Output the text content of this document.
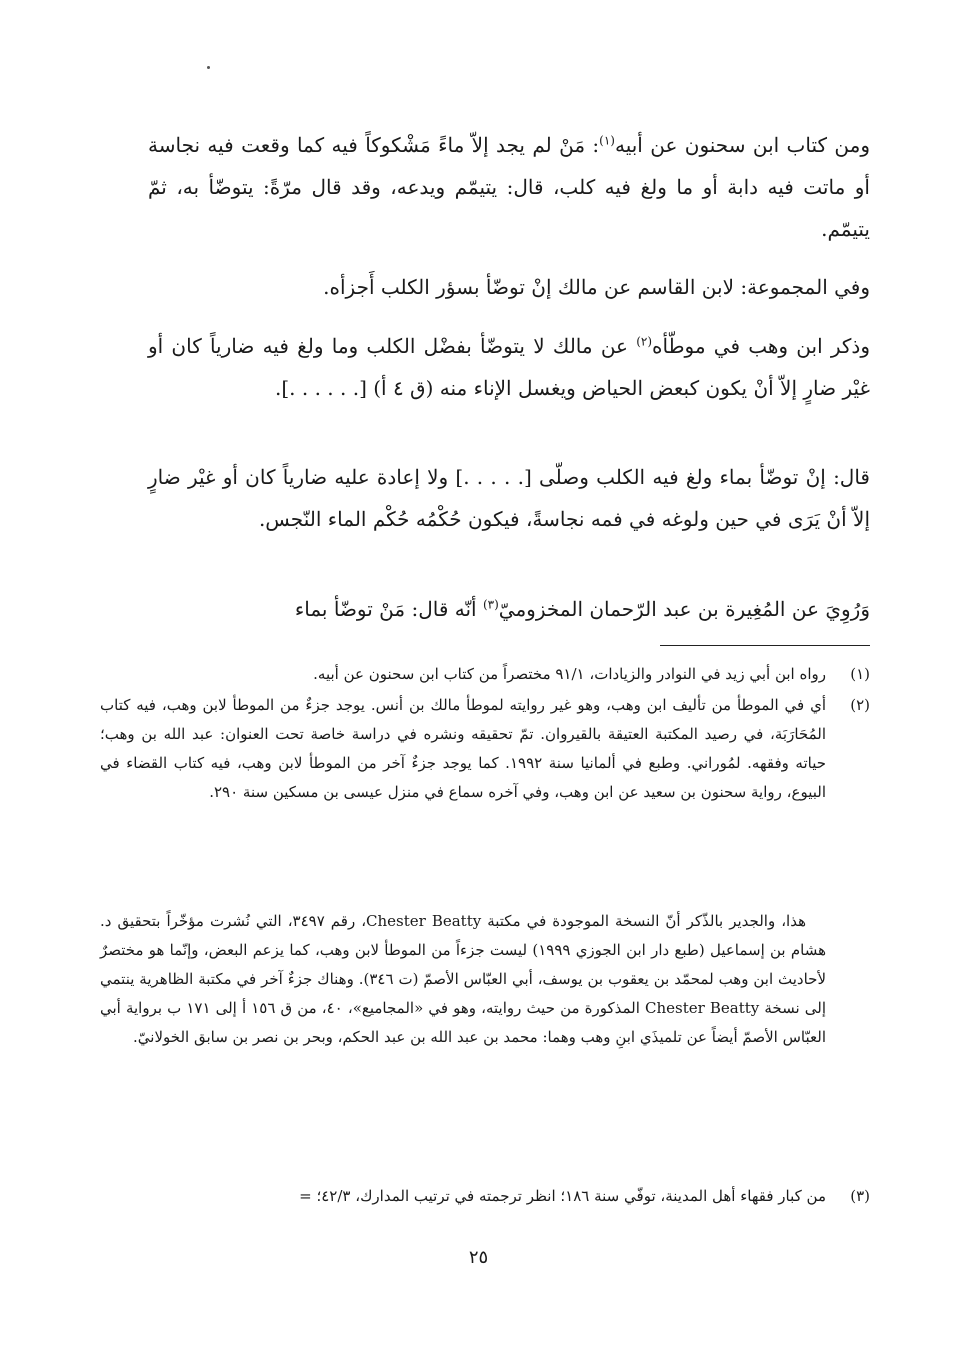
ومن كتاب ابن سحنون عن أبيه$^{(١)}$: مَنْ لم يجد إلاّ ماءً مَشْكوكاً فيه كما وقعت فيه نجاسة أو ماتت فيه دابة أو ما ولغ فيه كلب، قال: يتيمّم ويدعه، وقد قال مرّةً: يتوضّأ به، ثمّ يتيمّم.

وفي المجموعة: لابن القاسم عن مالك إنْ توضّأ بسؤر الكلب أَجزأه.

وذكر ابن وهب في موطّأه$^{(٢)}$ عن مالك لا يتوضّأ بفضْل الكلب وما ولغ فيه ضارياً كان أو غيْر ضارٍ إلاّ أنْ يكون كبعض الحياض ويغسل الإناء منه (ق ٤ أ) [. . . . . .].

قال: إنْ توضّأ بماء ولغ فيه الكلب وصلّى [. . . . .] ولا إعادة عليه ضارياً كان أو غيْر ضارٍ إلاّ أنْ يَرَى في حين ولوغه في فمه نجاسةً، فيكون حُكْمُه حُكْم الماء النّجس.

وَرُوِيَ عن المُغِيرة بن عبد الرّحمان المخزوميّ$^{(٣)}$ أنّه قال: مَنْ توضّأ بماء

(١)
رواه ابن أبي زيد في النوادر والزيادات، ٩١/١ مختصراً من كتاب ابن سحنون عن أبيه.
(٢)
أي في الموطأ من تأليف ابن وهب، وهو غير روايته لموطأ مالك بن أنس. يوجد جزءٌ من الموطأ لابن وهب، فيه كتاب المُحَارَبَة، في رصيد المكتبة العتيقة بالقيروان. تمّ تحقيقه ونشره في دراسة خاصة تحت العنوان: عبد الله بن وهب؛ حياته وفقهه. لمُوراني. وطبع في ألمانيا سنة ١٩٩٢. كما يوجد جزءٌ آخر من الموطأ لابن وهب، فيه كتاب القضاء في البيوع، رواية سحنون بن سعيد عن ابن وهب، وفي آخره سماع في منزل عيسى بن مسكين سنة ٢٩٠.
هذا، والجدير بالذّكر أنّ النسخة الموجودة في مكتبة Chester Beatty، رقم ٣٤٩٧، التي نُشرت مؤخّراً بتحقيق د. هشام بن إسماعيل (طبع دار ابن الجوزي ١٩٩٩) ليست جزءاً من الموطأ لابن وهب، كما يزعم البعض، وإنّما هو مختصرٌ لأحاديث ابن وهب لمحمّد بن يعقوب بن يوسف، أبي العبّاس الأصمّ (ت ٣٤٦). وهناك جزءٌ آخر في مكتبة الظاهرية ينتمي إلى نسخة Chester Beatty المذكورة من حيث روايته، وهو في «المجاميع»، ٤٠، من ق ١٥٦ أ إلى ١٧١ ب برواية أبي العبّاس الأصمّ أيضاً عن تلميذَي ابنِ وهب وهما: محمد بن عبد الله بن عبد الحكم، وبحر بن نصر بن سابق الخولانيّ.
(٣)
من كبار فقهاء أهل المدينة، توفّي سنة ١٨٦؛ انظر ترجمته في ترتيب المدارك، ٤٢/٣؛ =
٢٥
